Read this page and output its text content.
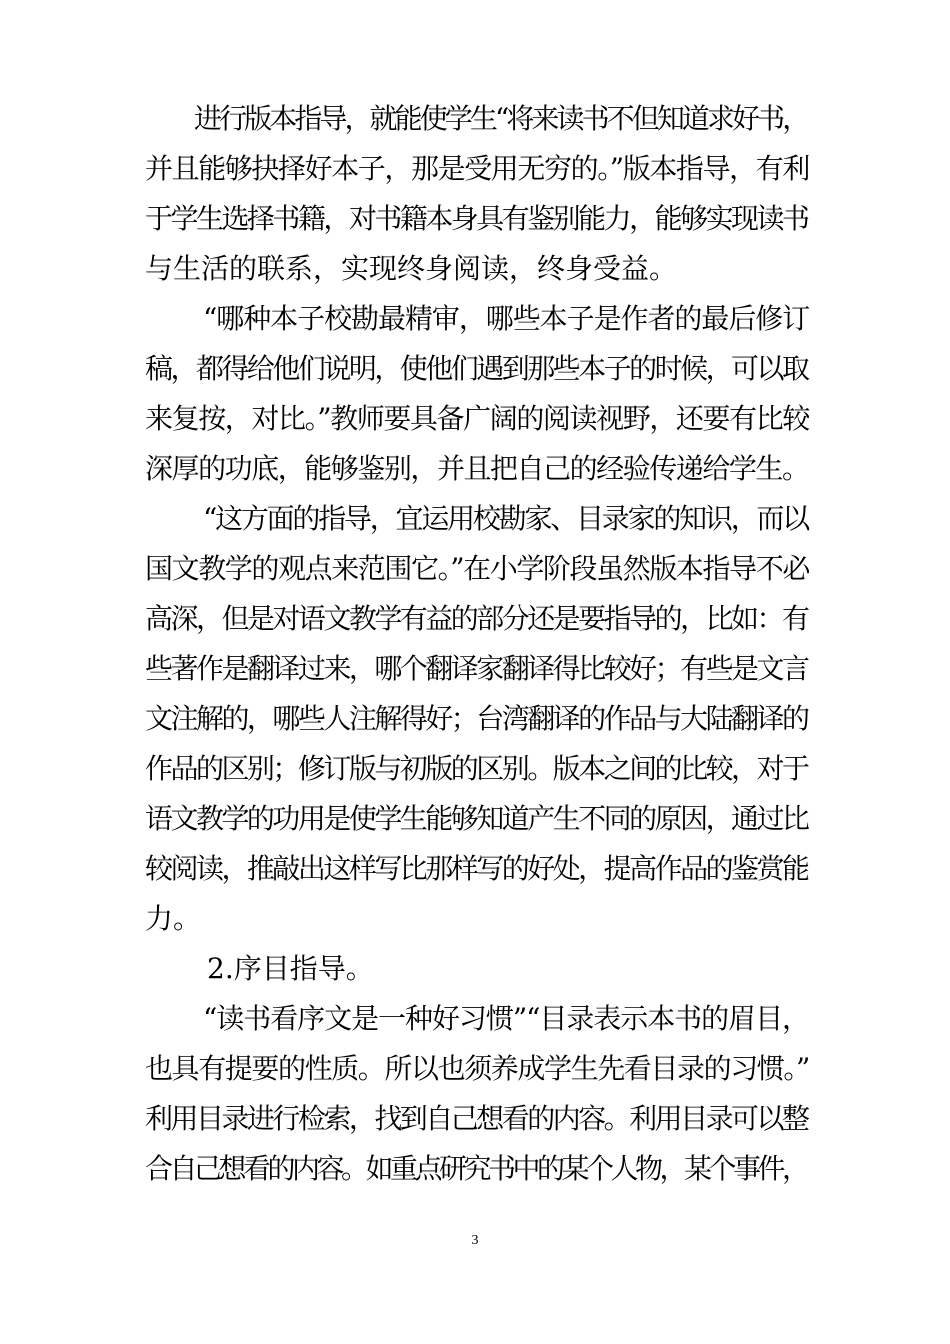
进行版本指导，就能使学生“将来读书不但知道求好书，
并且能够抉择好本子，那是受用无穷的。”版本指导，有利
于学生选择书籍，对书籍本身具有鉴别能力，能够实现读书
与生活的联系，实现终身阅读，终身受益。
“哪种本子校勘最精审，哪些本子是作者的最后修订
稿，都得给他们说明，使他们遇到那些本子的时候，可以取
来复按，对比。”教师要具备广阔的阅读视野，还要有比较
深厚的功底，能够鉴别，并且把自己的经验传递给学生。
“这方面的指导，宜运用校勘家、目录家的知识，而以
国文教学的观点来范围它。”在小学阶段虽然版本指导不必
高深，但是对语文教学有益的部分还是要指导的，比如：有
些著作是翻译过来，哪个翻译家翻译得比较好；有些是文言
文注解的，哪些人注解得好；台湾翻译的作品与大陆翻译的
作品的区别；修订版与初版的区别。版本之间的比较，对于
语文教学的功用是使学生能够知道产生不同的原因，通过比
较阅读，推敲出这样写比那样写的好处，提高作品的鉴赏能
力。
2.序目指导。
“读书看序文是一种好习惯”“目录表示本书的眉目，
也具有提要的性质。所以也须养成学生先看目录的习惯。”
利用目录进行检索，找到自己想看的内容。利用目录可以整
合自己想看的内容。如重点研究书中的某个人物，某个事件，
3
